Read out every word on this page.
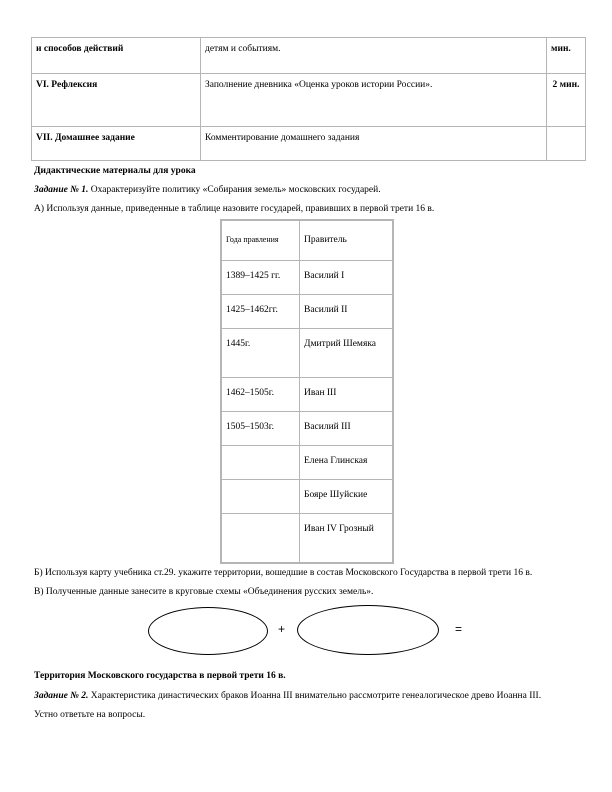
и способов действий	детям и событиям.	мин.
VI. Рефлексия	Заполнение дневника «Оценка уроков истории России».	2 мин.
VII. Домашнее задание	Комментирование домашнего задания	
Дидактические материалы для урока
Задание № 1. Охарактеризуйте политику «Собирания земель» московских государей.
А) Используя данные, приведенные в таблице назовите государей, правивших в первой трети 16 в.
Года правления	Правитель
1389–1425 гг.	Василий I
1425–1462гг.	Василий II
1445г.	Дмитрий Шемяка
1462–1505г.	Иван III
1505–1503г.	Василий III
	Елена Глинская
	Бояре Шуйские
	Иван IV Грозный
Б) Используя карту учебника ст.29. укажите территории, вошедшие в состав Московского Государства в первой трети 16 в.
В) Полученные данные занесите в круговые схемы «Объединения русских земель».
+	=
Территория Московского государства в первой трети 16 в.
Задание № 2. Характеристика династических браков Иоанна III внимательно рассмотрите генеалогическое древо Иоанна III.
Устно ответьте на вопросы.
